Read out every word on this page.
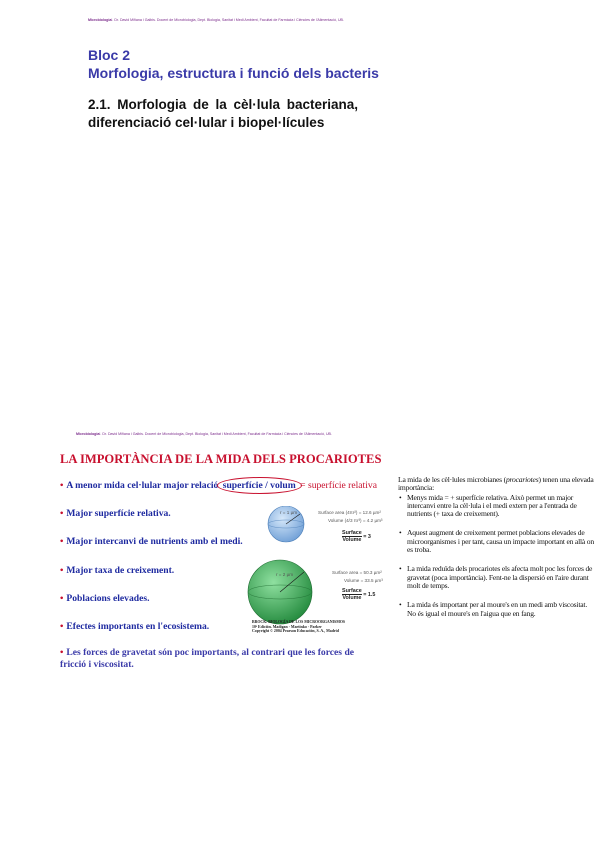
MicrobiologiaI. Dr. David Miñana i Galbis. Docent de Microbiologia, Dept. Biologia, Sanitat i Medi Ambient, Facultat de Farmàcia i Ciències de l'Alimentació, UB.
Bloc 2
Morfologia, estructura i funció dels bacteris
2.1. Morfologia de la cèl·lula bacteriana, diferenciació cel·lular i biopel·lícules
MicrobiologiaI. Dr. David Miñana i Galbis. Docent de Microbiologia, Dept. Biologia, Sanitat i Medi Ambient, Facultat de Farmàcia i Ciències de l'Alimentació, UB.
LA IMPORTÀNCIA DE LA MIDA DELS PROCARIOTES
• A menor mida cel·lular major relació superfície / volum = superfície relativa
• Major superfície relativa.
• Major intercanvi de nutrients amb el medi.
• Major taxa de creixement.
• Poblacions elevades.
• Efectes importants en l'ecosistema.
• Les forces de gravetat són poc importants, al contrari que les forces de fricció i viscositat.
r = 1 µm	Surface area (4πr²) = 12.6 µm²
Volume (4/3 πr³) = 4.2 µm³
$\frac{\text{Surface}}{\text{Volume}} = 3$
r = 2 µm	Surface area = 50.3 µm²
Volume = 33.5 µm³
$\frac{\text{Surface}}{\text{Volume}} = 1.5$
BROCK. BIOLOGÍA DE LOS MICROORGANISMOS
10ª Edición. Madigan · Martinko · Parker
Copyright © 2004 Pearson Educación, S. A., Madrid

La mida de les cèl·lules microbianes (procariotes) tenen una elevada importància:

• Menys mida = + superfície relativa. Això permet un major intercanvi entre la cèl·lula i el medi extern per a l'entrada de nutrients (+ taxa de creixement).
• Aquest augment de creixement permet poblacions elevades de microorganismes i per tant, causa un impacte important en allà on es troba.
• La mida reduïda dels procariotes els afecta molt poc les forces de gravetat (poca importància). Fent-ne la dispersió en l'aire durant molt de temps.
• La mida és important per al moure's en un medi amb viscositat. No és igual el moure's en l'aigua que en fang.
